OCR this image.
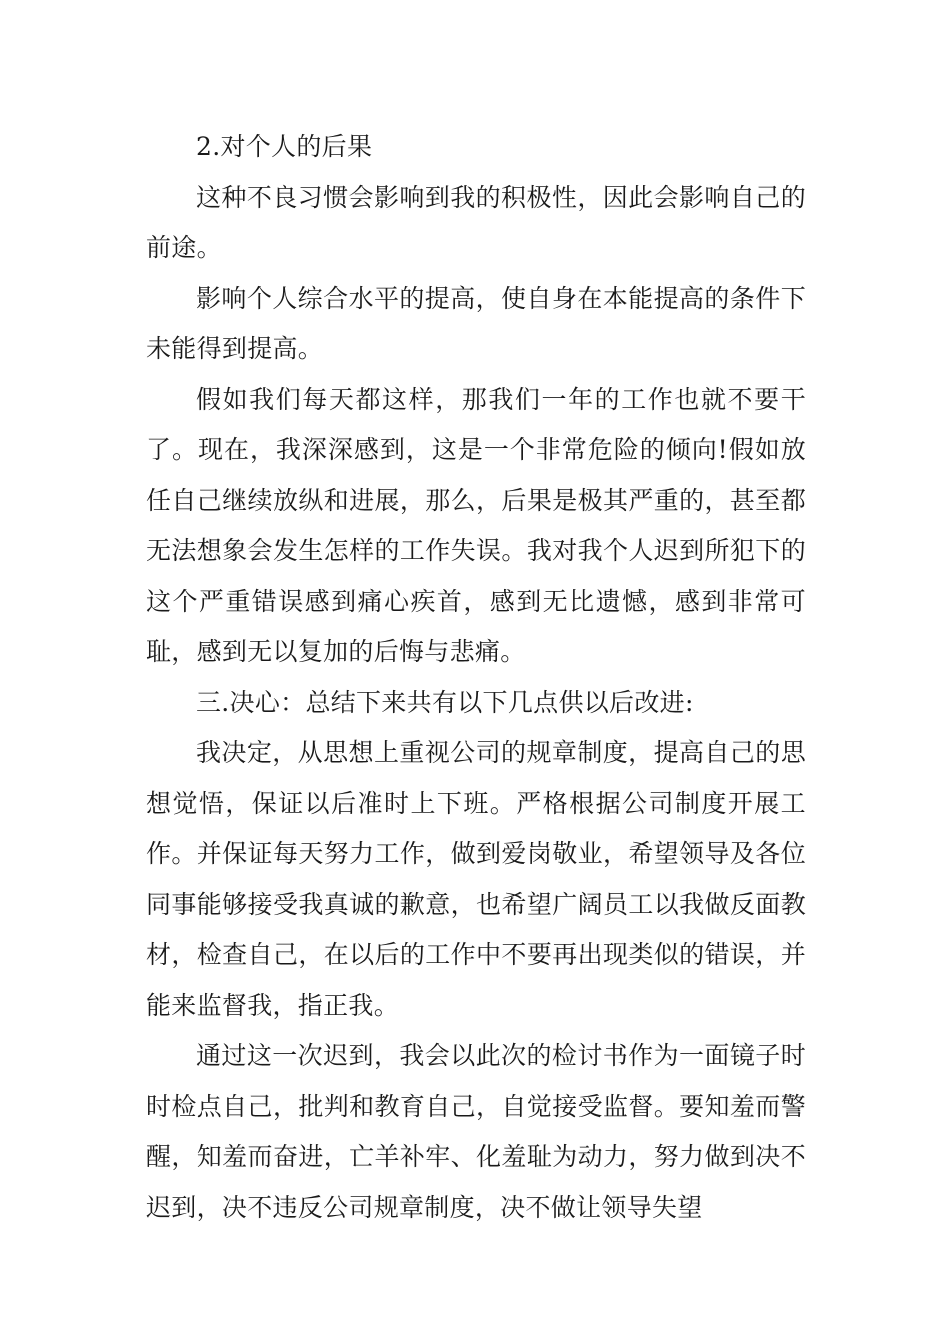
2.对个人的后果

这种不良习惯会影响到我的积极性，因此会影响自己的前途。

影响个人综合水平的提高，使自身在本能提高的条件下未能得到提高。

假如我们每天都这样，那我们一年的工作也就不要干了。现在，我深深感到，这是一个非常危险的倾向!假如放任自己继续放纵和进展，那么，后果是极其严重的，甚至都无法想象会发生怎样的工作失误。我对我个人迟到所犯下的这个严重错误感到痛心疾首，感到无比遗憾，感到非常可耻，感到无以复加的后悔与悲痛。

三.决心：总结下来共有以下几点供以后改进:

我决定，从思想上重视公司的规章制度，提高自己的思想觉悟，保证以后准时上下班。严格根据公司制度开展工作。并保证每天努力工作，做到爱岗敬业，希望领导及各位同事能够接受我真诚的歉意，也希望广阔员工以我做反面教材，检查自己，在以后的工作中不要再出现类似的错误，并能来监督我，指正我。

通过这一次迟到，我会以此次的检讨书作为一面镜子时时检点自己，批判和教育自己，自觉接受监督。要知羞而警醒，知羞而奋进，亡羊补牢、化羞耻为动力，努力做到决不迟到，决不违反公司规章制度，决不做让领导失望
